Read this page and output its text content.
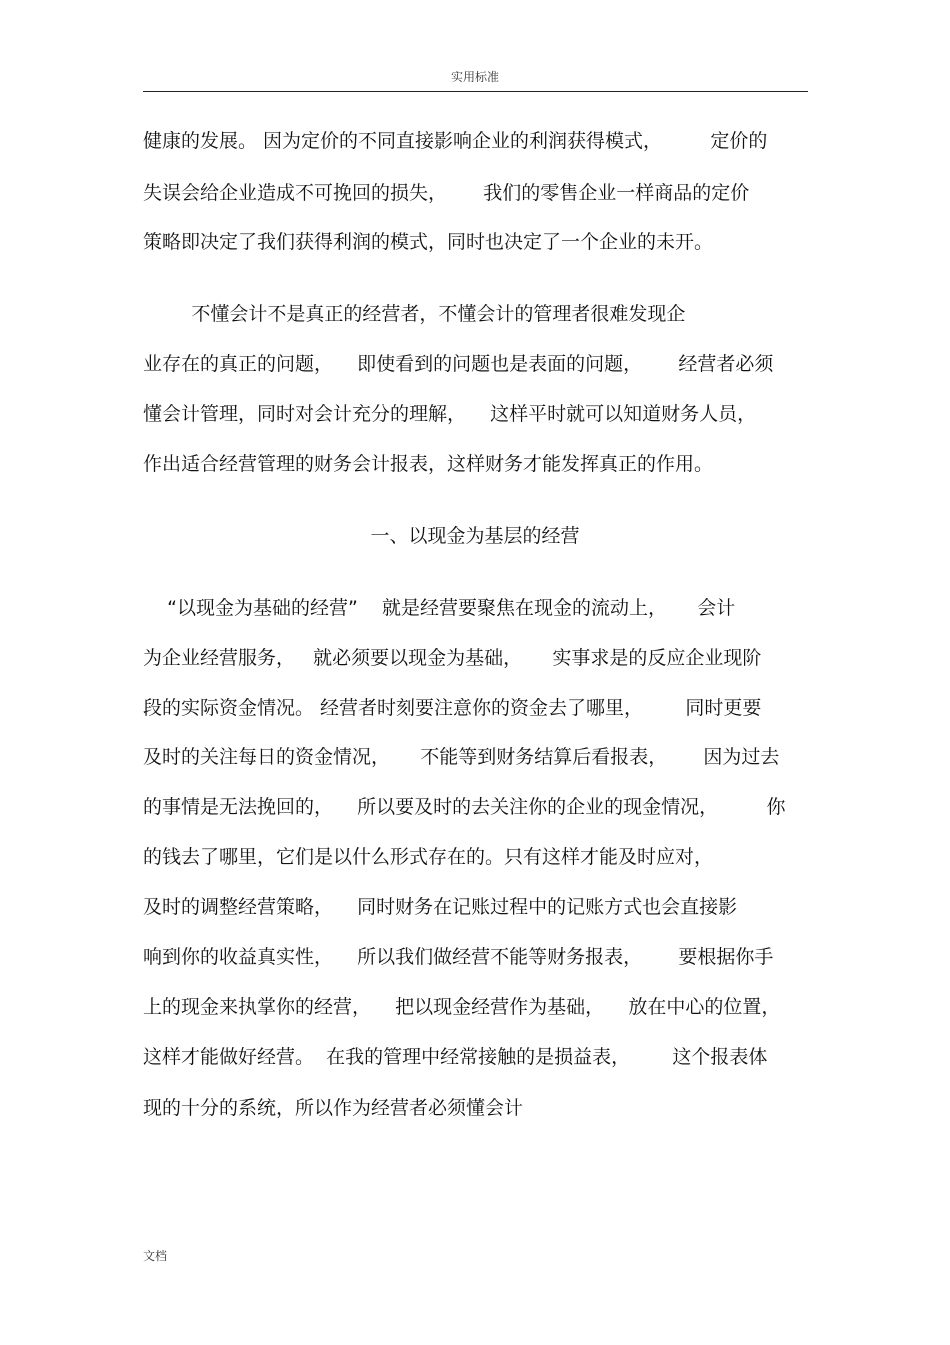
实用标准
健康的发展。 因为定价的不同直接影响企业的利润获得模式，        定价的
失误会给企业造成不可挽回的损失，      我们的零售企业一样商品的定价
策略即决定了我们获得利润的模式，同时也决定了一个企业的未开。
不懂会计不是真正的经营者，不懂会计的管理者很难发现企
业存在的真正的问题，    即使看到的问题也是表面的问题，      经营者必须
懂会计管理，同时对会计充分的理解，    这样平时就可以知道财务人员，
作出适合经营管理的财务会计报表，这样财务才能发挥真正的作用。
一、以现金为基层的经营
“以现金为基础的经营”    就是经营要聚焦在现金的流动上，     会计
为企业经营服务，   就必须要以现金为基础，     实事求是的反应企业现阶
段的实际资金情况。 经营者时刻要注意你的资金去了哪里，       同时更要
及时的关注每日的资金情况，     不能等到财务结算后看报表，      因为过去
的事情是无法挽回的，    所以要及时的去关注你的企业的现金情况，        你
的钱去了哪里，它们是以什么形式存在的。只有这样才能及时应对，
及时的调整经营策略，    同时财务在记账过程中的记账方式也会直接影
响到你的收益真实性，    所以我们做经营不能等财务报表，      要根据你手
上的现金来执掌你的经营，    把以现金经营作为基础，    放在中心的位置，
这样才能做好经营。  在我的管理中经常接触的是损益表，       这个报表体
现的十分的系统，所以作为经营者必须懂会计
文档
